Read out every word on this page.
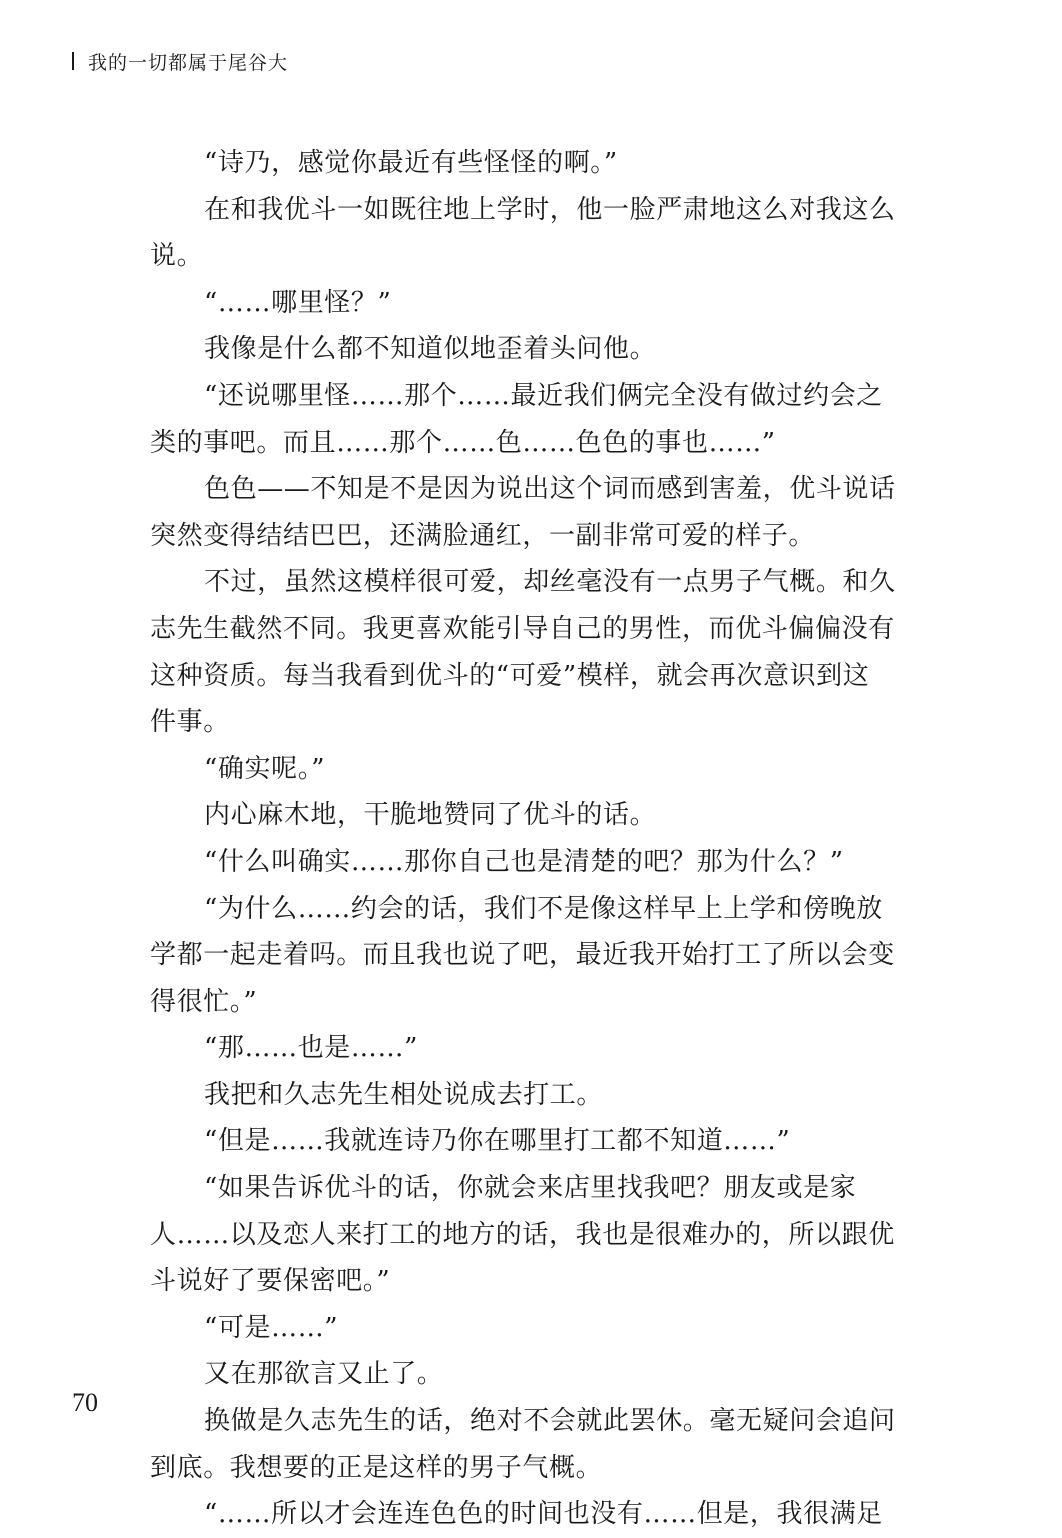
我的一切都属于尾谷大
“诗乃，感觉你最近有些怪怪的啊。”
在和我优斗一如既往地上学时，他一脸严肃地这么对我这么
说。
“……哪里怪？”
我像是什么都不知道似地歪着头问他。
“还说哪里怪……那个……最近我们俩完全没有做过约会之
类的事吧。而且……那个……色……色色的事也……”
色色——不知是不是因为说出这个词而感到害羞，优斗说话
突然变得结结巴巴，还满脸通红，一副非常可爱的样子。
不过，虽然这模样很可爱，却丝毫没有一点男子气概。和久
志先生截然不同。我更喜欢能引导自己的男性，而优斗偏偏没有
这种资质。每当我看到优斗的“可爱”模样，就会再次意识到这
件事。
“确实呢。”
内心麻木地，干脆地赞同了优斗的话。
“什么叫确实……那你自己也是清楚的吧？那为什么？”
“为什么……约会的话，我们不是像这样早上上学和傍晚放
学都一起走着吗。而且我也说了吧，最近我开始打工了所以会变
得很忙。”
“那……也是……”
我把和久志先生相处说成去打工。
“但是……我就连诗乃你在哪里打工都不知道……”
“如果告诉优斗的话，你就会来店里找我吧？朋友或是家
人……以及恋人来打工的地方的话，我也是很难办的，所以跟优
斗说好了要保密吧。”
“可是……”
又在那欲言又止了。
换做是久志先生的话，绝对不会就此罢休。毫无疑问会追问
到底。我想要的正是这样的男子气概。
“……所以才会连连色色的时间也没有……但是，我很满足
70
